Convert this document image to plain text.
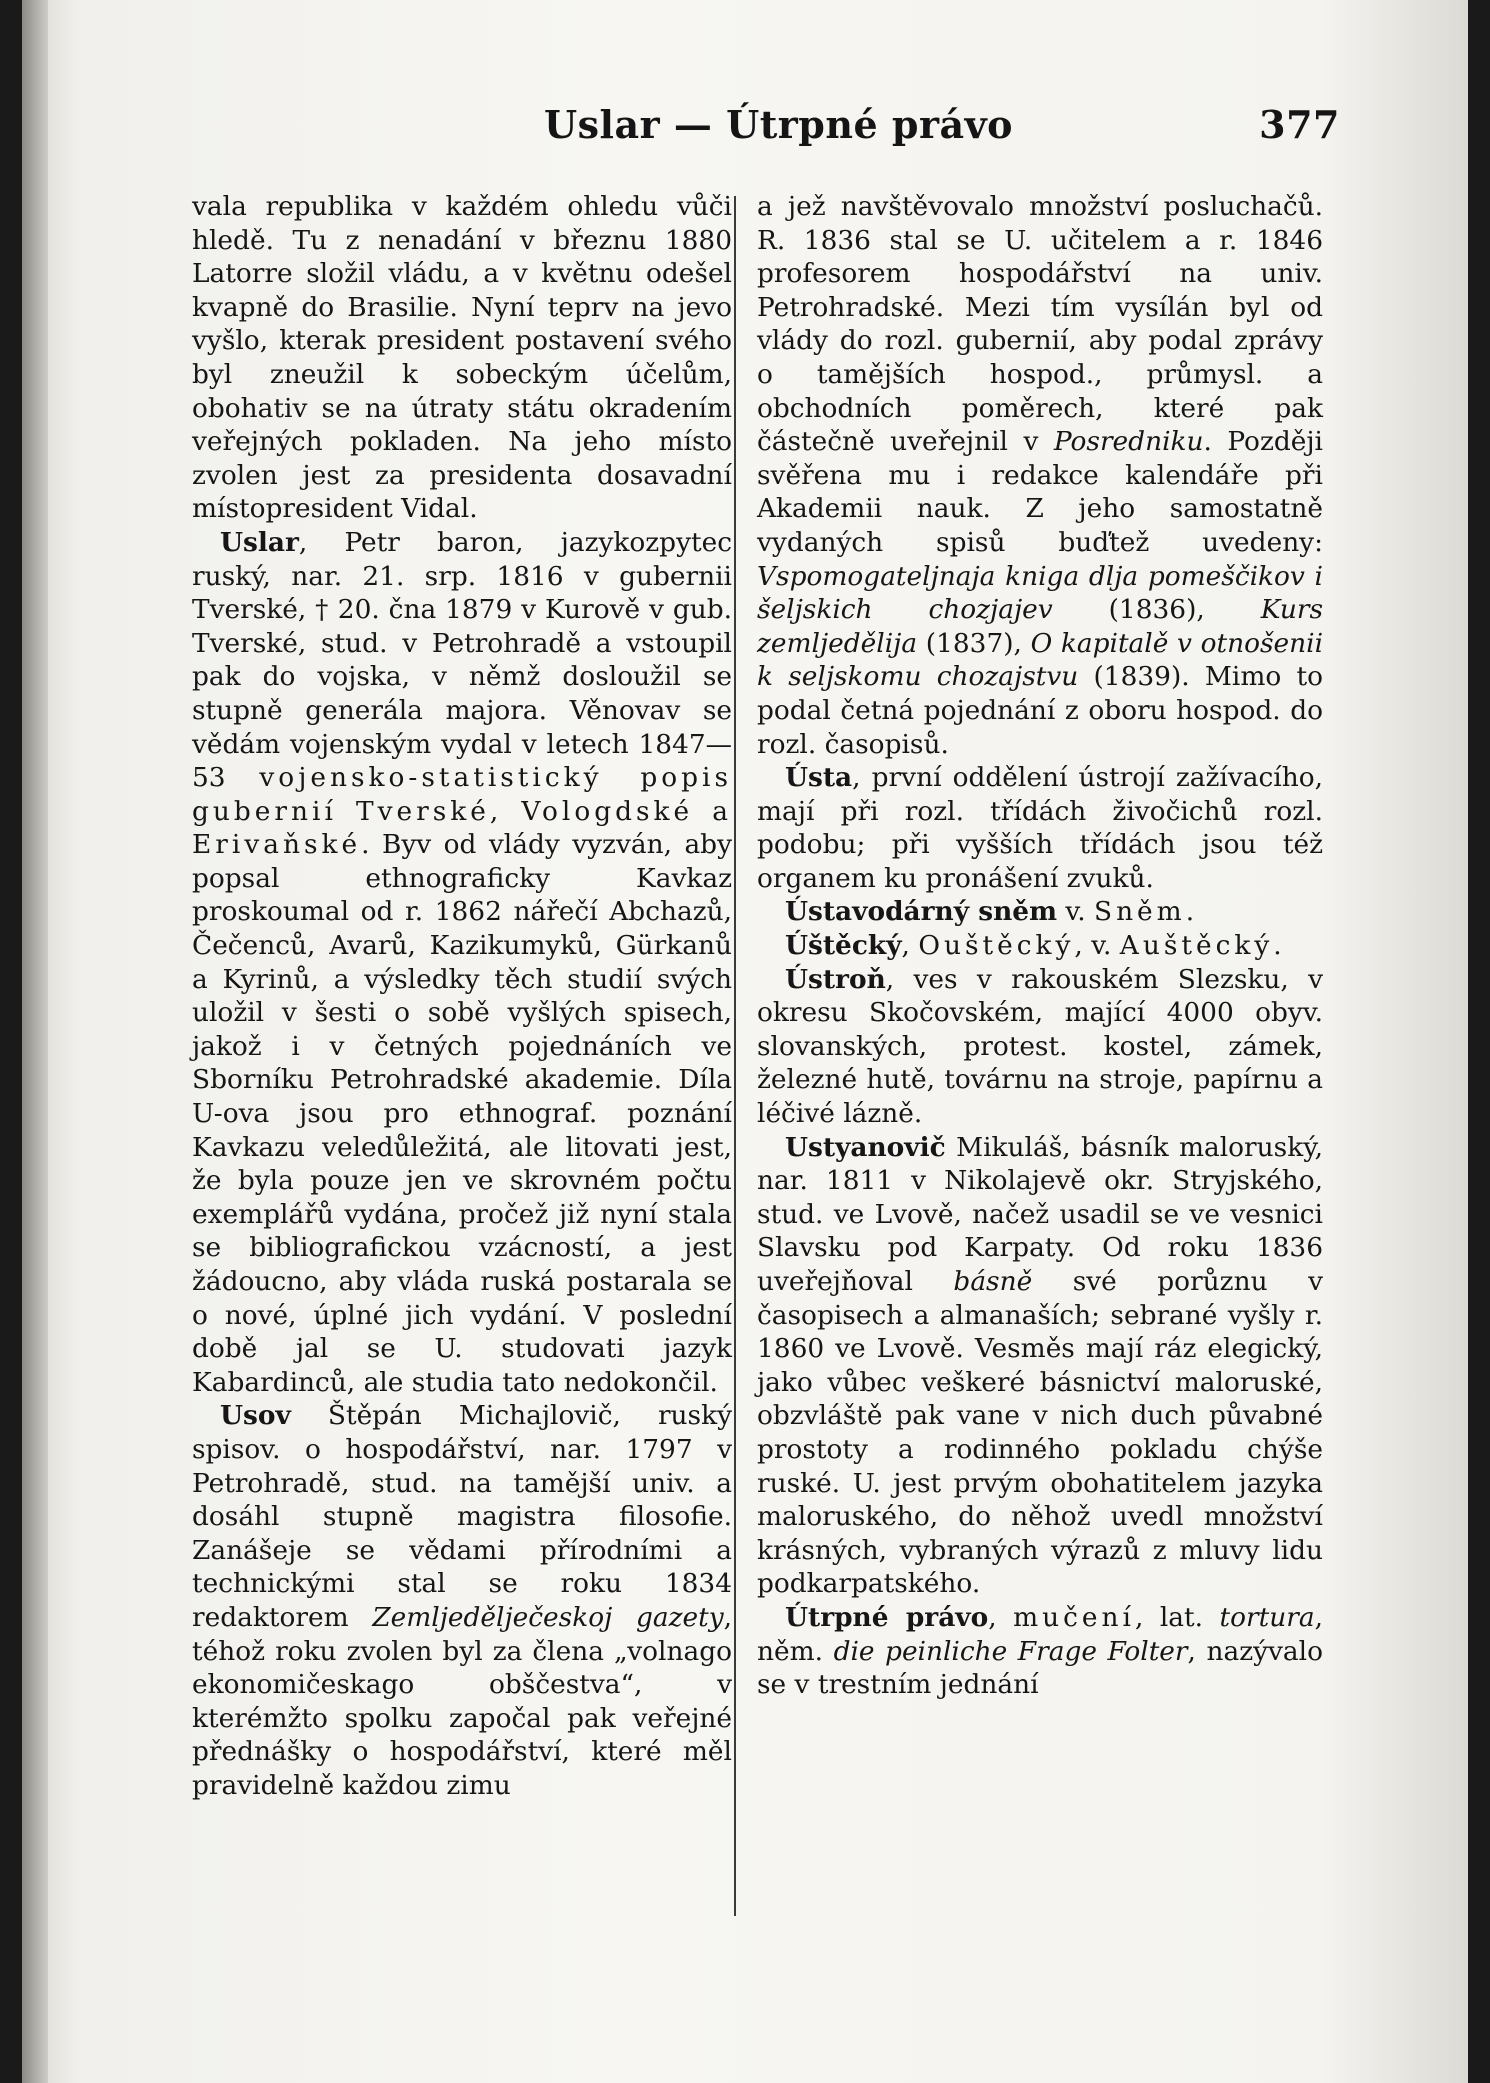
Uslar — Útrpné právo	377

vala republika v každém ohledu vůči hledě. Tu z nenadání v březnu 1880 Latorre složil vládu, a v květnu odešel kvapně do Brasilie. Nyní teprv na jevo vyšlo, kterak president postavení svého byl zneužil k sobeckým účelům, obohativ se na útraty státu okradením veřejných pokladen. Na jeho místo zvolen jest za presidenta dosavadní místopresident Vidal.

Uslar, Petr baron, jazykozpytec ruský, nar. 21. srp. 1816 v gubernii Tverské, † 20. čna 1879 v Kurově v gub. Tverské, stud. v Petrohradě a vstoupil pak do vojska, v němž dosloužil se stupně generála majora. Věnovav se vědám vojenským vydal v letech 1847—53 vojensko-statistický popis gubernií Tverské, Vologdské a Erivaňské. Byv od vlády vyzván, aby popsal ethnograficky Kavkaz proskoumal od r. 1862 nářečí Abchazů, Čečenců, Avarů, Kazikumyků, Gürkanů a Kyrinů, a výsledky těch studií svých uložil v šesti o sobě vyšlých spisech, jakož i v četných pojednáních ve Sborníku Petrohradské akademie. Díla U-ova jsou pro ethnograf. poznání Kavkazu veledůležitá, ale litovati jest, že byla pouze jen ve skrovném počtu exemplářů vydána, pročež již nyní stala se bibliografickou vzácností, a jest žádoucno, aby vláda ruská postarala se o nové, úplné jich vydání. V poslední době jal se U. studovati jazyk Kabardinců, ale studia tato nedokončil.

Usov Štěpán Michajlovič, ruský spisov. o hospodářství, nar. 1797 v Petrohradě, stud. na tamější univ. a dosáhl stupně magistra filosofie. Zanášeje se vědami přírodními a technickými stal se roku 1834 redaktorem Zemljedělječeskoj gazety, téhož roku zvolen byl za člena „volnago ekonomičeskago obščestva“, v kterémžto spolku započal pak veřejné přednášky o hospodářství, které měl pravidelně každou zimu

a jež navštěvovalo množství posluchačů. R. 1836 stal se U. učitelem a r. 1846 profesorem hospodářství na univ. Petrohradské. Mezi tím vysílán byl od vlády do rozl. gubernií, aby podal zprávy o tamějších hospod., průmysl. a obchodních poměrech, které pak částečně uveřejnil v Posredniku. Později svěřena mu i redakce kalendáře při Akademii nauk. Z jeho samostatně vydaných spisů buďtež uvedeny: Vspomogateljnaja kniga dlja pomeščikov i šeljskich chozjajev (1836), Kurs zemljedělija (1837), O kapitalě v otnošenii k seljskomu chozajstvu (1839). Mimo to podal četná pojednání z oboru hospod. do rozl. časopisů.

Ústa, první oddělení ústrojí zažívacího, mají při rozl. třídách živočichů rozl. podobu; při vyšších třídách jsou též organem ku pronášení zvuků.

Ústavodárný sněm v. Sněm.

Úštěcký, Ouštěcký, v. Auštěcký.

Ústroň, ves v rakouském Slezsku, v okresu Skočovském, mající 4000 obyv. slovanských, protest. kostel, zámek, železné hutě, továrnu na stroje, papírnu a léčivé lázně.

Ustyanovič Mikuláš, básník maloruský, nar. 1811 v Nikolajevě okr. Stryjského, stud. ve Lvově, načež usadil se ve vesnici Slavsku pod Karpaty. Od roku 1836 uveřejňoval básně své porůznu v časopisech a almanaších; sebrané vyšly r. 1860 ve Lvově. Vesměs mají ráz elegický, jako vůbec veškeré básnictví maloruské, obzvláště pak vane v nich duch půvabné prostoty a rodinného pokladu chýše ruské. U. jest prvým obohatitelem jazyka maloruského, do něhož uvedl množství krásných, vybraných výrazů z mluvy lidu podkarpatského.

Útrpné právo, mučení, lat. tortura, něm. die peinliche Frage Folter, nazývalo se v trestním jednání
